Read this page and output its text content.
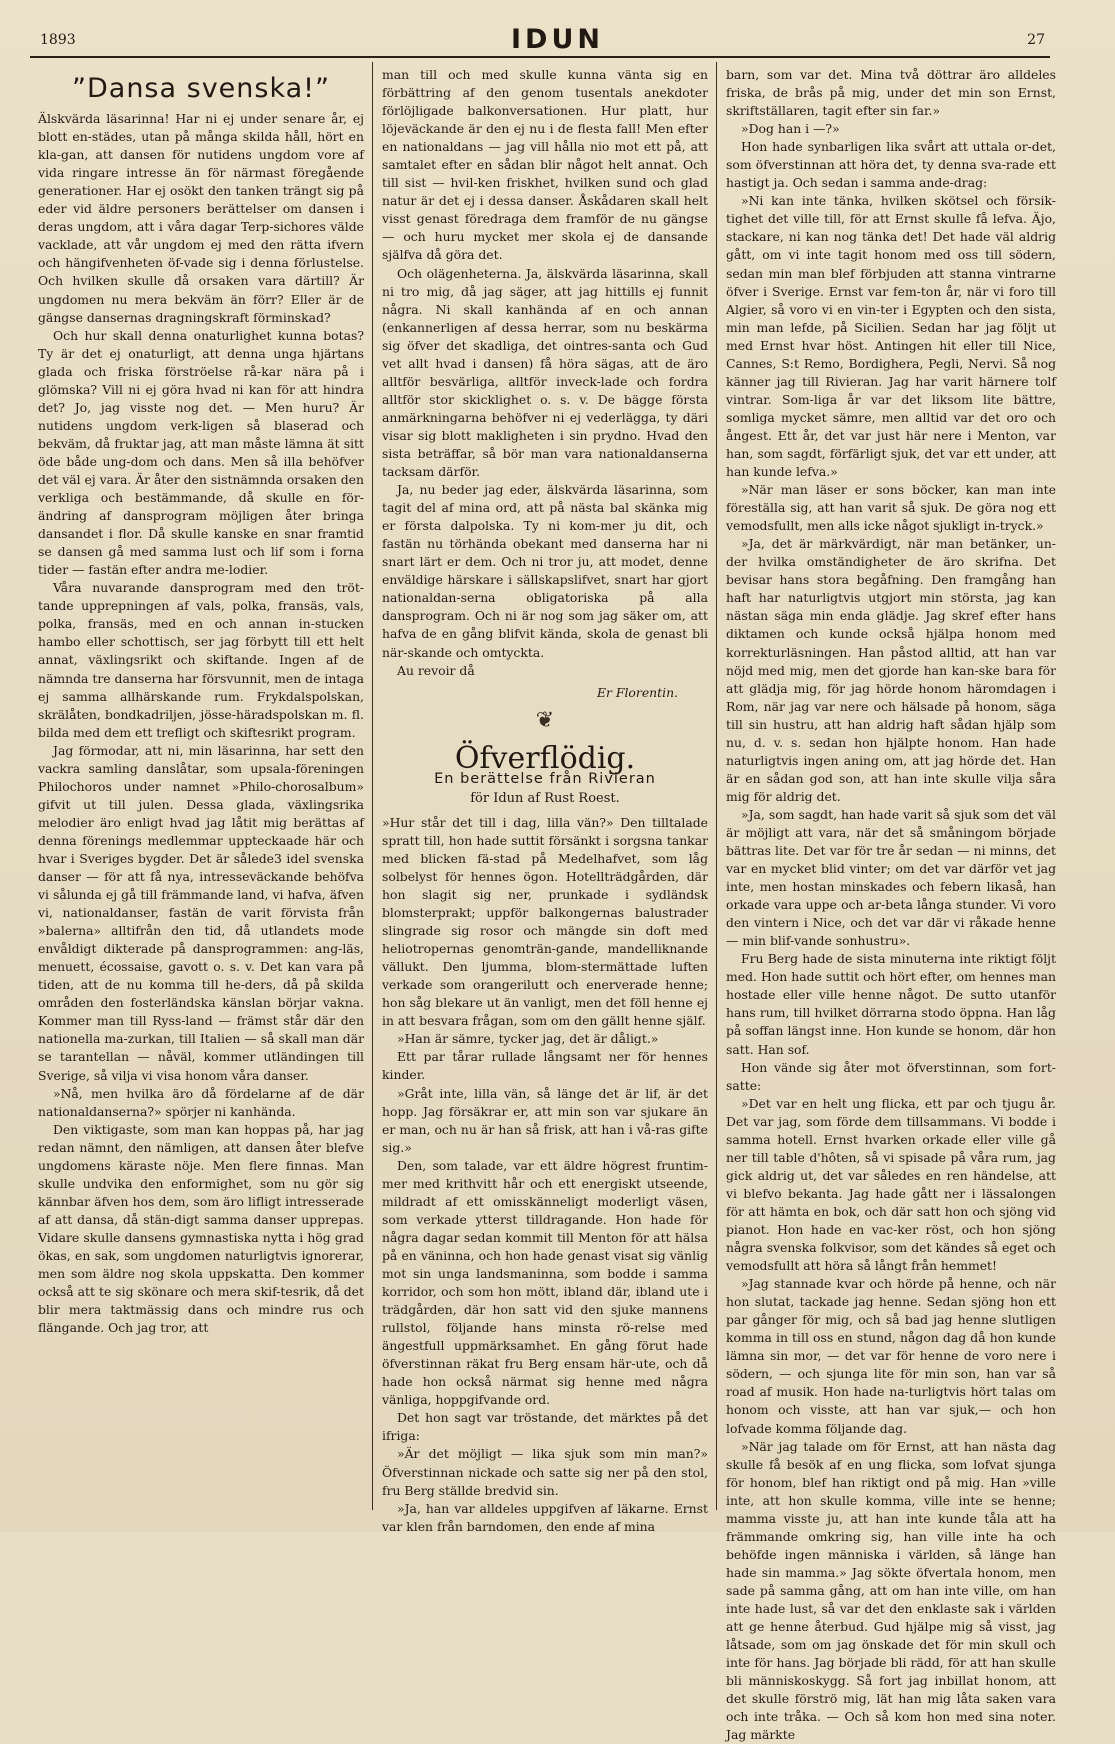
1893	IDUN	27
”Dansa svenska!”

Älskvärda läsarinna! Har ni ej under senare år, ej blott en-städes, utan på många skilda håll, hört en kla-gan, att dansen för nutidens ungdom vore af vida ringare intresse än för närmast föregående generationer. Har ej osökt den tanken trängt sig på eder vid äldre personers berättelser om dansen i deras ungdom, att i våra dagar Terp-sichores välde vacklade, att vår ungdom ej med den rätta ifvern och hängifvenheten öf-vade sig i denna förlustelse. Och hvilken skulle då orsaken vara därtill? Är ungdomen nu mera bekväm än förr? Eller är de gängse dansernas dragningskraft förminskad?

Och hur skall denna onaturlighet kunna botas? Ty är det ej onaturligt, att denna unga hjärtans glada och friska förströelse rå-kar nära på i glömska? Vill ni ej göra hvad ni kan för att hindra det? Jo, jag visste nog det. — Men huru? Är nutidens ungdom verk-ligen så blaserad och bekväm, då fruktar jag, att man måste lämna ät sitt öde både ung-dom och dans. Men så illa behöfver det väl ej vara. Är åter den sistnämnda orsaken den verkliga och bestämmande, då skulle en för-ändring af dansprogram möjligen åter bringa dansandet i flor. Då skulle kanske en snar framtid se dansen gå med samma lust och lif som i forna tider — fastän efter andra me-lodier.

Våra nuvarande dansprogram med den tröt-tande upprepningen af vals, polka, fransäs, vals, polka, fransäs, med en och annan in-stucken hambo eller schottisch, ser jag förbytt till ett helt annat, växlingsrikt och skiftande. Ingen af de nämnda tre danserna har försvunnit, men de intaga ej samma allhärskande rum. Frykdalspolskan, skrälåten, bondkadriljen, jösse-häradspolskan m. fl. bilda med dem ett trefligt och skiftesrikt program.

Jag förmodar, att ni, min läsarinna, har sett den vackra samling danslåtar, som upsala-föreningen Philochoros under namnet »Philo-chorosalbum» gifvit ut till julen. Dessa glada, växlingsrika melodier äro enligt hvad jag låtit mig berättas af denna förenings medlemmar uppteckaade här och hvar i Sveriges bygder. Det är sålede3 idel svenska danser — för att få nya, intresseväckande behöfva vi sålunda ej gå till främmande land, vi hafva, äfven vi, nationaldanser, fastän de varit förvista från »balerna» alltifrån den tid, då utlandets mode envåldigt dikterade på dansprogrammen: ang-läs, menuett, écossaise, gavott o. s. v. Det kan vara på tiden, att de nu komma till he-ders, då på skilda områden den fosterländska känslan börjar vakna. Kommer man till Ryss-land — främst står där den nationella ma-zurkan, till Italien — så skall man där se tarantellan — nåväl, kommer utländingen till Sverige, så vilja vi visa honom våra danser.

»Nå, men hvilka äro då fördelarne af de där nationaldanserna?» spörjer ni kanhända.

Den viktigaste, som man kan hoppas på, har jag redan nämnt, den nämligen, att dansen åter blefve ungdomens käraste nöje. Men flere finnas. Man skulle undvika den enformighet, som nu gör sig kännbar äfven hos dem, som äro lifligt intresserade af att dansa, då stän-digt samma danser upprepas. Vidare skulle dansens gymnastiska nytta i hög grad ökas, en sak, som ungdomen naturligtvis ignorerar, men som äldre nog skola uppskatta. Den kommer också att te sig skönare och mera skif-tesrik, då det blir mera taktmässig dans och mindre rus och flängande. Och jag tror, att

man till och med skulle kunna vänta sig en förbättring af den genom tusentals anekdoter förlöjligade balkonversationen. Hur platt, hur löjeväckande är den ej nu i de flesta fall! Men efter en nationaldans — jag vill hålla nio mot ett på, att samtalet efter en sådan blir något helt annat. Och till sist — hvil-ken friskhet, hvilken sund och glad natur är det ej i dessa danser. Åskådaren skall helt visst genast föredraga dem framför de nu gängse — och huru mycket mer skola ej de dansande själfva då göra det.

Och olägenheterna. Ja, älskvärda läsarinna, skall ni tro mig, då jag säger, att jag hittills ej funnit några. Ni skall kanhända af en och annan (enkannerligen af dessa herrar, som nu beskärma sig öfver det skadliga, det ointres-santa och Gud vet allt hvad i dansen) få höra sägas, att de äro alltför besvärliga, alltför inveck-lade och fordra alltför stor skicklighet o. s. v. De bägge första anmärkningarna behöfver ni ej vederlägga, ty däri visar sig blott makligheten i sin prydno. Hvad den sista beträffar, så bör man vara nationaldanserna tacksam därför.

Ja, nu beder jag eder, älskvärda läsarinna, som tagit del af mina ord, att på nästa bal skänka mig er första dalpolska. Ty ni kom-mer ju dit, och fastän nu törhända obekant med danserna har ni snart lärt er dem. Och ni tror ju, att modet, denne enväldige härskare i sällskapslifvet, snart har gjort nationaldan-serna obligatoriska på alla dansprogram. Och ni är nog som jag säker om, att hafva de en gång blifvit kända, skola de genast bli när-skande och omtyckta.

Au revoir då

Er Florentin.
❦
Öfverflödig.
En berättelse från Rivieran
för Idun af Rust Roest.

»Hur står det till i dag, lilla vän?» Den tilltalade spratt till, hon hade suttit försänkt i sorgsna tankar med blicken fä-stad på Medelhafvet, som låg solbelyst för hennes ögon. Hotellträdgården, där hon slagit sig ner, prunkade i sydländsk blomsterprakt; uppför balkongernas balustrader slingrade sig rosor och mängde sin doft med heliotropernas genomträn-gande, mandelliknande vällukt. Den ljumma, blom-stermättade luften verkade som orangerilutt och enerverade henne; hon såg blekare ut än vanligt, men det föll henne ej in att besvara frågan, som om den gällt henne själf.

»Han är sämre, tycker jag, det är dåligt.»

Ett par tårar rullade långsamt ner för hennes kinder.

»Gråt inte, lilla vän, så länge det är lif, är det hopp. Jag försäkrar er, att min son var sjukare än er man, och nu är han så frisk, att han i vå-ras gifte sig.»

Den, som talade, var ett äldre högrest fruntim-mer med krithvitt hår och ett energiskt utseende, mildradt af ett omisskänneligt moderligt väsen, som verkade ytterst tilldragande. Hon hade för några dagar sedan kommit till Menton för att hälsa på en väninna, och hon hade genast visat sig vänlig mot sin unga landsmaninna, som bodde i samma korridor, och som hon mött, ibland där, ibland ute i trädgården, där hon satt vid den sjuke mannens rullstol, följande hans minsta rö-relse med ängestfull uppmärksamhet. En gång förut hade öfverstinnan räkat fru Berg ensam här-ute, och då hade hon också närmat sig henne med några vänliga, hoppgifvande ord.

Det hon sagt var tröstande, det märktes på det ifriga:

»Är det möjligt — lika sjuk som min man?» Öfverstinnan nickade och satte sig ner på den stol, fru Berg ställde bredvid sin.

»Ja, han var alldeles uppgifven af läkarne. Ernst var klen från barndomen, den ende af mina

barn, som var det. Mina två döttrar äro alldeles friska, de brås på mig, under det min son Ernst, skriftställaren, tagit efter sin far.»

»Dog han i —?»

Hon hade synbarligen lika svårt att uttala or-det, som öfverstinnan att höra det, ty denna sva-rade ett hastigt ja. Och sedan i samma ande-drag:

»Ni kan inte tänka, hvilken skötsel och försik-tighet det ville till, för att Ernst skulle få lefva. Äjo, stackare, ni kan nog tänka det! Det hade väl aldrig gått, om vi inte tagit honom med oss till södern, sedan min man blef förbjuden att stanna vintrarne öfver i Sverige. Ernst var fem-ton år, när vi foro till Algier, så voro vi en vin-ter i Egypten och den sista, min man lefde, på Sicilien. Sedan har jag följt ut med Ernst hvar höst. Antingen hit eller till Nice, Cannes, S:t Remo, Bordighera, Pegli, Nervi. Så nog känner jag till Rivieran. Jag har varit härnere tolf vintrar. Som-liga år var det liksom lite bättre, somliga mycket sämre, men alltid var det oro och ångest. Ett år, det var just här nere i Menton, var han, som sagdt, förfärligt sjuk, det var ett under, att han kunde lefva.»

»När man läser er sons böcker, kan man inte föreställa sig, att han varit så sjuk. De göra nog ett vemodsfullt, men alls icke något sjukligt in-tryck.»

»Ja, det är märkvärdigt, när man betänker, un-der hvilka omständigheter de äro skrifna. Det bevisar hans stora begåfning. Den framgång han haft har naturligtvis utgjort min största, jag kan nästan säga min enda glädje. Jag skref efter hans diktamen och kunde också hjälpa honom med korrekturläsningen. Han påstod alltid, att han var nöjd med mig, men det gjorde han kan-ske bara för att glädja mig, för jag hörde honom häromdagen i Rom, när jag var nere och hälsade på honom, säga till sin hustru, att han aldrig haft sådan hjälp som nu, d. v. s. sedan hon hjälpte honom. Han hade naturligtvis ingen aning om, att jag hörde det. Han är en sådan god son, att han inte skulle vilja såra mig för aldrig det.

»Ja, som sagdt, han hade varit så sjuk som det väl är möjligt att vara, när det så småningom började bättras lite. Det var för tre år sedan — ni minns, det var en mycket blid vinter; om det var därför vet jag inte, men hostan minskades och febern likaså, han orkade vara uppe och ar-beta långa stunder. Vi voro den vintern i Nice, och det var där vi råkade henne — min blif-vande sonhustru».

Fru Berg hade de sista minuterna inte riktigt följt med. Hon hade suttit och hört efter, om hennes man hostade eller ville henne något. De sutto utanför hans rum, till hvilket dörrarna stodo öppna. Han låg på soffan längst inne. Hon kunde se honom, där hon satt. Han sof.

Hon vände sig åter mot öfverstinnan, som fort-satte:

»Det var en helt ung flicka, ett par och tjugu år. Det var jag, som förde dem tillsammans. Vi bodde i samma hotell. Ernst hvarken orkade eller ville gå ner till table d'hôten, så vi spisade på våra rum, jag gick aldrig ut, det var således en ren händelse, att vi blefvo bekanta. Jag hade gått ner i lässalongen för att hämta en bok, och där satt hon och sjöng vid pianot. Hon hade en vac-ker röst, och hon sjöng några svenska folkvisor, som det kändes så eget och vemodsfullt att höra så långt från hemmet!

»Jag stannade kvar och hörde på henne, och när hon slutat, tackade jag henne. Sedan sjöng hon ett par gånger för mig, och så bad jag henne slutligen komma in till oss en stund, någon dag då hon kunde lämna sin mor, — det var för henne de voro nere i södern, — och sjunga lite för min son, han var så road af musik. Hon hade na-turligtvis hört talas om honom och visste, att han var sjuk,— och hon lofvade komma följande dag.

»När jag talade om för Ernst, att han nästa dag skulle få besök af en ung flicka, som lofvat sjunga för honom, blef han riktigt ond på mig. Han »ville inte, att hon skulle komma, ville inte se henne; mamma visste ju, att han inte kunde tåla att ha främmande omkring sig, han ville inte ha och behöfde ingen människa i världen, så länge han hade sin mamma.» Jag sökte öfvertala honom, men sade på samma gång, att om han inte ville, om han inte hade lust, så var det den enklaste sak i världen att ge henne återbud. Gud hjälpe mig så visst, jag låtsade, som om jag önskade det för min skull och inte för hans. Jag började bli rädd, för att han skulle bli människoskygg. Så fort jag inbillat honom, att det skulle förströ mig, lät han mig låta saken vara och inte tråka. — Och så kom hon med sina noter. Jag märkte
